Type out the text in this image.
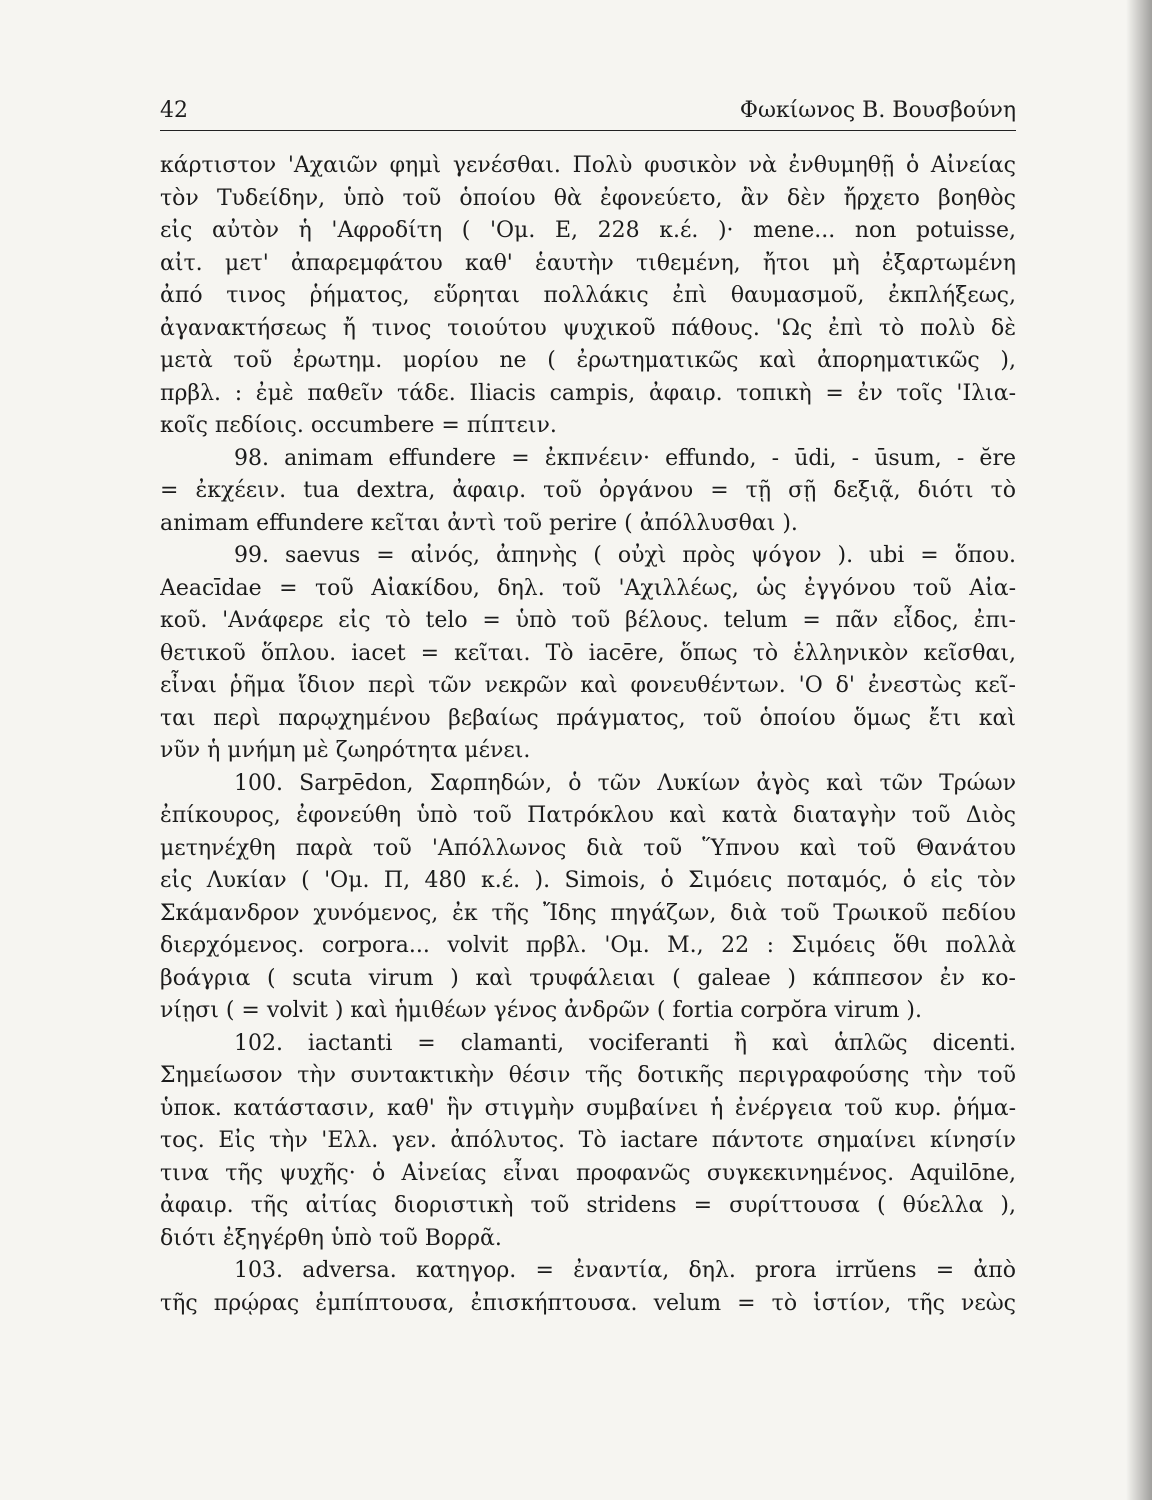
42	Φωκίωνος Β. Βουσβούνη
κάρτιστον 'Αχαιῶν φημὶ γενέσθαι. Πολὺ φυσικὸν νὰ ἐνθυμηθῇ ὁ Αἰνείας
τὸν Τυδείδην, ὑπὸ τοῦ ὁποίου θὰ ἐφονεύετο, ἂν δὲν ἤρχετο βοηθὸς
εἰς αὐτὸν ἡ 'Αφροδίτη ( 'Ομ. Ε, 228 κ.έ. )· mene... non potuisse,
αἰτ. μετ' ἀπαρεμφάτου καθ' ἑαυτὴν τιθεμένη, ἤτοι μὴ ἐξαρτωμένη
ἀπό τινος ῥήματος, εὕρηται πολλάκις ἐπὶ θαυμασμοῦ, ἐκπλήξεως,
ἀγανακτήσεως ἤ τινος τοιούτου ψυχικοῦ πάθους. 'Ως ἐπὶ τὸ πολὺ δὲ
μετὰ τοῦ ἐρωτημ. μορίου ne ( ἐρωτηματικῶς καὶ ἀπορηματικῶς ),
πρβλ. : ἐμὲ παθεῖν τάδε. Iliacis campis, ἀφαιρ. τοπικὴ = ἐν τοῖς 'Ιλια-
κοῖς πεδίοις. occumbere = πίπτειν.
98. animam effundere = ἐκπνέειν· effundo, - ūdi, - ūsum, - ĕre
= ἐκχέειν. tua dextra, ἀφαιρ. τοῦ ὀργάνου = τῇ σῇ δεξιᾷ, διότι τὸ
animam effundere κεῖται ἀντὶ τοῦ perire ( ἀπόλλυσθαι ).
99. saevus = αἰνός, ἀπηνὴς ( οὐχὶ πρὸς ψόγον ). ubi = ὅπου.
Aeacīdae = τοῦ Αἰακίδου, δηλ. τοῦ 'Αχιλλέως, ὡς ἐγγόνου τοῦ Αἰα-
κοῦ. 'Ανάφερε εἰς τὸ telo = ὑπὸ τοῦ βέλους. telum = πᾶν εἶδος, ἐπι-
θετικοῦ ὅπλου. iacet = κεῖται. Τὸ iacēre, ὅπως τὸ ἑλληνικὸν κεῖσθαι,
εἶναι ῥῆμα ἴδιον περὶ τῶν νεκρῶν καὶ φονευθέντων. 'Ο δ' ἐνεστὼς κεῖ-
ται περὶ παρῳχημένου βεβαίως πράγματος, τοῦ ὁποίου ὅμως ἔτι καὶ
νῦν ἡ μνήμη μὲ ζωηρότητα μένει.
100. Sarpēdon, Σαρπηδών, ὁ τῶν Λυκίων ἀγὸς καὶ τῶν Τρώων
ἐπίκουρος, ἐφονεύθη ὑπὸ τοῦ Πατρόκλου καὶ κατὰ διαταγὴν τοῦ Διὸς
μετηνέχθη παρὰ τοῦ 'Απόλλωνος διὰ τοῦ Ὕπνου καὶ τοῦ Θανάτου
εἰς Λυκίαν ( 'Ομ. Π, 480 κ.έ. ). Simois, ὁ Σιμόεις ποταμός, ὁ εἰς τὸν
Σκάμανδρον χυνόμενος, ἐκ τῆς Ἴδης πηγάζων, διὰ τοῦ Τρωικοῦ πεδίου
διερχόμενος. corpora... volvit πρβλ. 'Ομ. Μ., 22 : Σιμόεις ὅθι πολλὰ
βοάγρια ( scuta virum ) καὶ τρυφάλειαι ( galeae ) κάππεσον ἐν κο-
νίῃσι ( = volvit ) καὶ ἡμιθέων γένος ἀνδρῶν ( fortia corpŏra virum ).
102. iactanti = clamanti, vociferanti ἢ καὶ ἁπλῶς dicenti.
Σημείωσον τὴν συντακτικὴν θέσιν τῆς δοτικῆς περιγραφούσης τὴν τοῦ
ὑποκ. κατάστασιν, καθ' ἣν στιγμὴν συμβαίνει ἡ ἐνέργεια τοῦ κυρ. ῥήμα-
τος. Εἰς τὴν 'Ελλ. γεν. ἀπόλυτος. Τὸ iactare πάντοτε σημαίνει κίνησίν
τινα τῆς ψυχῆς· ὁ Αἰνείας εἶναι προφανῶς συγκεκινημένος. Aquilōne,
ἀφαιρ. τῆς αἰτίας διοριστικὴ τοῦ stridens = συρίττουσα ( θύελλα ),
διότι ἐξηγέρθη ὑπὸ τοῦ Βορρᾶ.
103. adversa. κατηγορ. = ἐναντία, δηλ. prora irrŭens = ἀπὸ
τῆς πρῴρας ἐμπίπτουσα, ἐπισκήπτουσα. velum = τὸ ἱστίον, τῆς νεὼς
